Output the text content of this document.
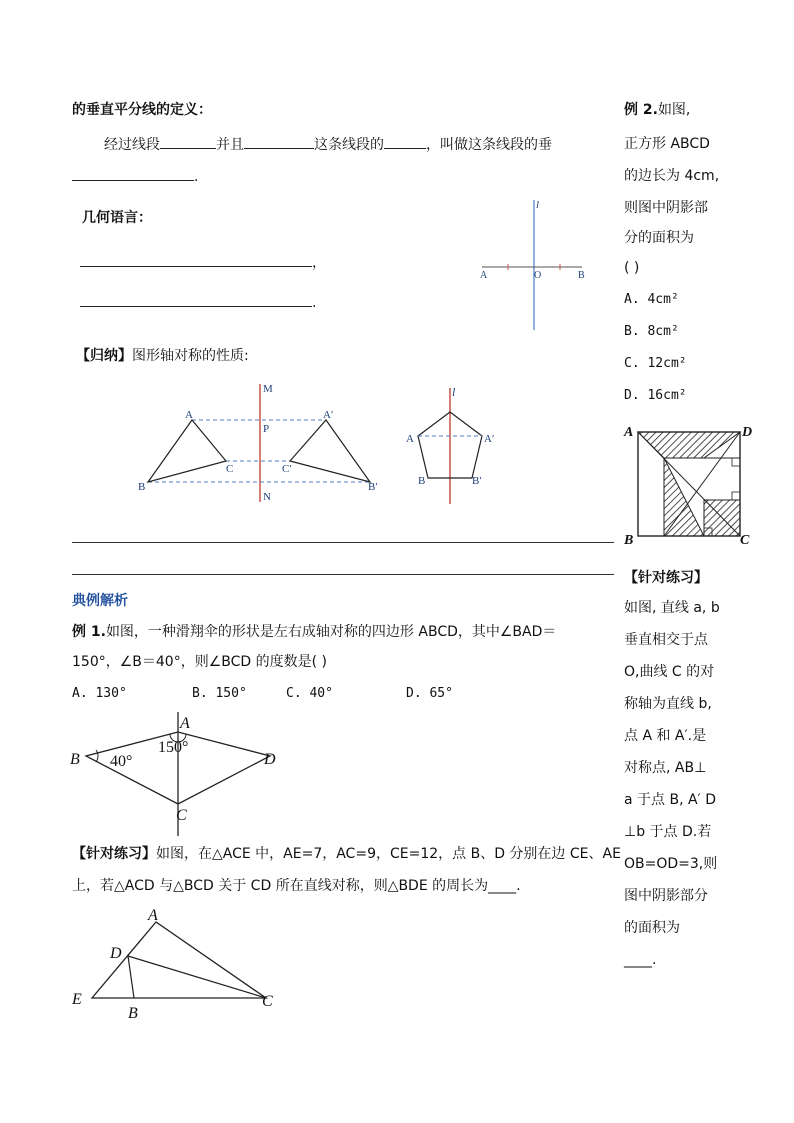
的垂直平分线的定义：
经过线段	并且	这条线段的	，叫做这条线段的垂
.
几何语言：
，
.
l
A	O	B
【归纳】图形轴对称的性质:
M
P
N
A
C
B
A′
C′
B′
l
A	A′
B	B′
例 2.如图,
正方形 ABCD
的边长为 4cm,
则图中阴影部
分的面积为
( )
A. 4cm²
B. 8cm²
C. 12cm²
D. 16cm²
A	D
B	C
【针对练习】
如图, 直线 a, b
垂直相交于点
O,曲线 C 的对
称轴为直线 b,
点 A 和 A′.是
对称点, AB⊥
a 于点 B, A′ D
⊥b 于点 D.若
OB=OD=3,则
图中阴影部分
的面积为
____.
典例解析
例 1.如图，一种滑翔伞的形状是左右成轴对称的四边形 ABCD，其中∠BAD＝
150°，∠B＝40°，则∠BCD 的度数是( )
A. 130°	B. 150°	C. 40°	D. 65°
A
B
C
D
150°
40°
【针对练习】如图，在△ACE 中，AE=7，AC=9，CE=12，点 B、D 分别在边 CE、AE
上，若△ACD 与△BCD 关于 CD 所在直线对称，则△BDE 的周长为____.
A
D
E
B
C
